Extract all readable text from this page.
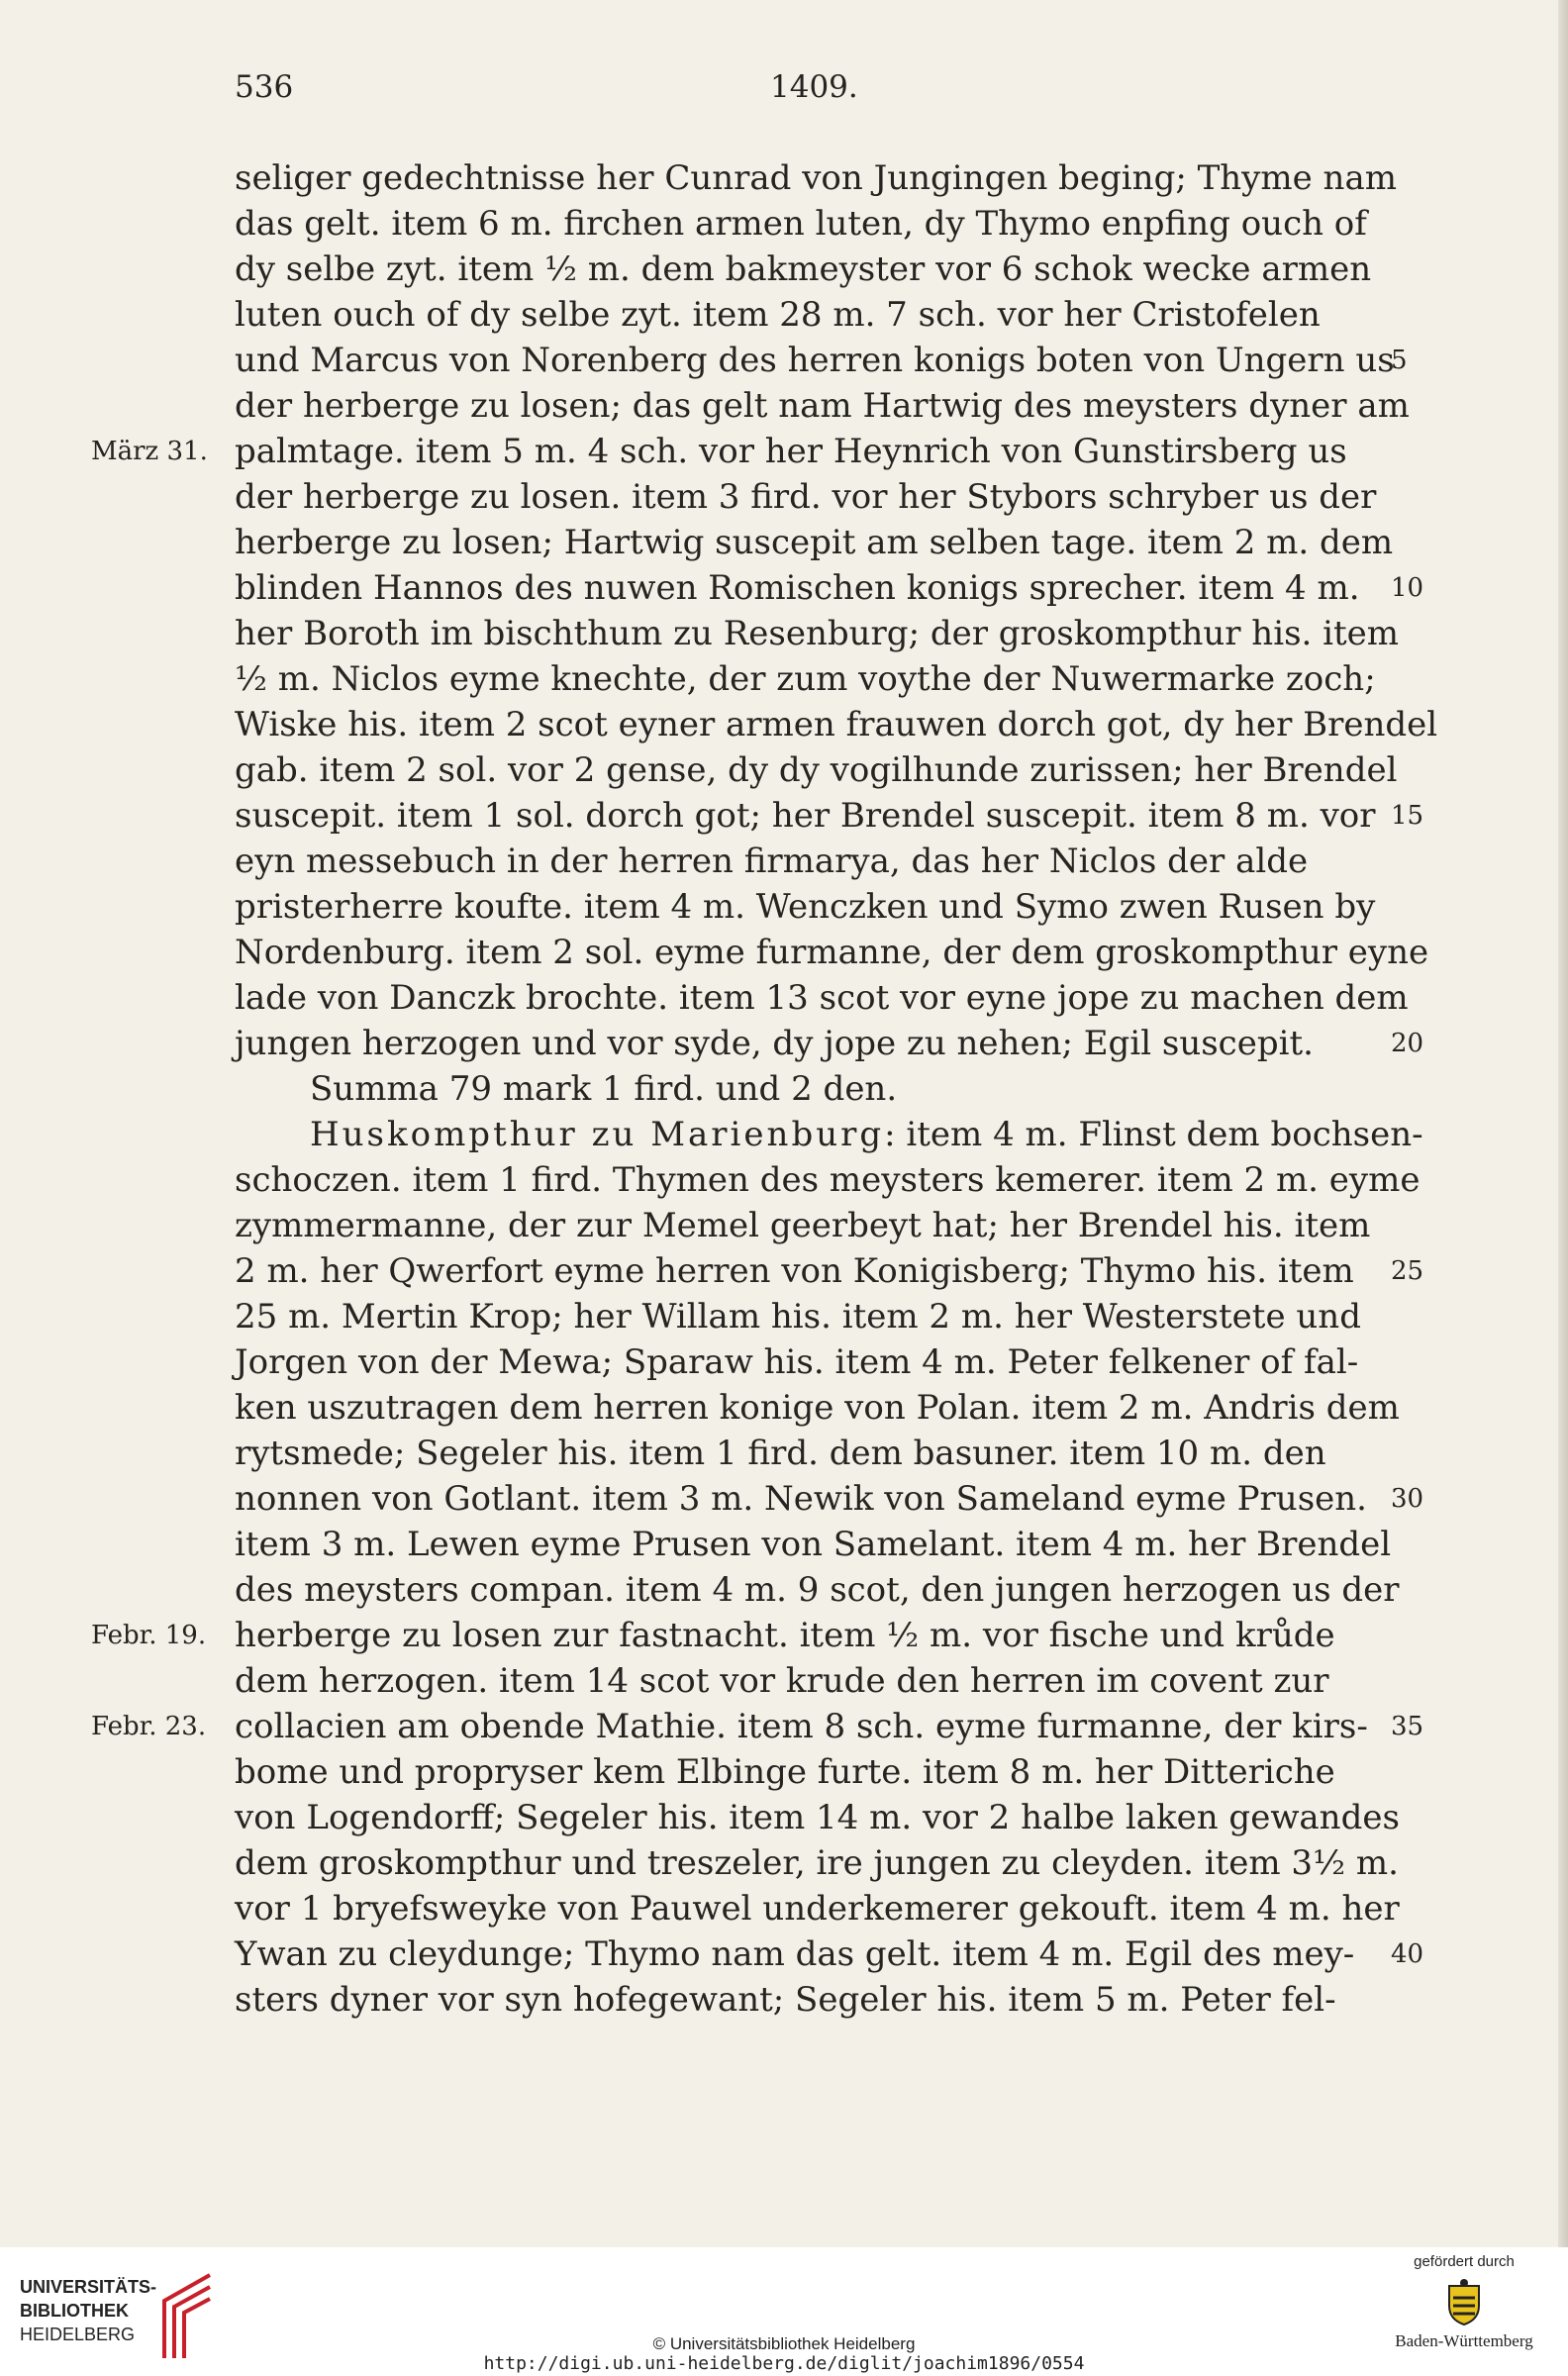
536	1409.
seliger gedechtnisse her Cunrad von Jungingen beging; Thyme nam
das gelt. item 6 m. firchen armen luten, dy Thymo enpfing ouch of
dy selbe zyt. item ½ m. dem bakmeyster vor 6 schok wecke armen
luten ouch of dy selbe zyt. item 28 m. 7 sch. vor her Cristofelen
und Marcus von Norenberg des herren konigs boten von Ungern us
der herberge zu losen; das gelt nam Hartwig des meysters dyner am
palmtage. item 5 m. 4 sch. vor her Heynrich von Gunstirsberg us
der herberge zu losen. item 3 fird. vor her Stybors schryber us der
herberge zu losen; Hartwig suscepit am selben tage. item 2 m. dem
blinden Hannos des nuwen Romischen konigs sprecher. item 4 m.
her Boroth im bischthum zu Resenburg; der groskompthur his. item
½ m. Niclos eyme knechte, der zum voythe der Nuwermarke zoch;
Wiske his. item 2 scot eyner armen frauwen dorch got, dy her Brendel
gab. item 2 sol. vor 2 gense, dy dy vogilhunde zurissen; her Brendel
suscepit. item 1 sol. dorch got; her Brendel suscepit. item 8 m. vor
eyn messebuch in der herren firmarya, das her Niclos der alde
pristerherre koufte. item 4 m. Wenczken und Symo zwen Rusen by
Nordenburg. item 2 sol. eyme furmanne, der dem groskompthur eyne
lade von Danczk brochte. item 13 scot vor eyne jope zu machen dem
jungen herzogen und vor syde, dy jope zu nehen; Egil suscepit.
Summa 79 mark 1 fird. und 2 den.
Huskompthur zu Marienburg: item 4 m. Flinst dem bochsen-
schoczen. item 1 fird. Thymen des meysters kemerer. item 2 m. eyme
zymmermanne, der zur Memel geerbeyt hat; her Brendel his. item
2 m. her Qwerfort eyme herren von Konigisberg; Thymo his. item
25 m. Mertin Krop; her Willam his. item 2 m. her Westerstete und
Jorgen von der Mewa; Sparaw his. item 4 m. Peter felkener of fal-
ken uszutragen dem herren konige von Polan. item 2 m. Andris dem
rytsmede; Segeler his. item 1 fird. dem basuner. item 10 m. den
nonnen von Gotlant. item 3 m. Newik von Sameland eyme Prusen.
item 3 m. Lewen eyme Prusen von Samelant. item 4 m. her Brendel
des meysters compan. item 4 m. 9 scot, den jungen herzogen us der
herberge zu losen zur fastnacht. item ½ m. vor fische und krůde
dem herzogen. item 14 scot vor krude den herren im covent zur
collacien am obende Mathie. item 8 sch. eyme furmanne, der kirs-
bome und propryser kem Elbinge furte. item 8 m. her Ditteriche
von Logendorff; Segeler his. item 14 m. vor 2 halbe laken gewandes
dem groskompthur und treszeler, ire jungen zu cleyden. item 3½ m.
vor 1 bryefsweyke von Pauwel underkemerer gekouft. item 4 m. her
Ywan zu cleydunge; Thymo nam das gelt. item 4 m. Egil des mey-
sters dyner vor syn hofegewant; Segeler his. item 5 m. Peter fel-
März 31.
Febr. 19.
Febr. 23.
5
10
15
20
25
30
35
40
UNIVERSITÄTS-
BIBLIOTHEK
HEIDELBERG	© Universitätsbibliothek Heidelberg
http://digi.ub.uni-heidelberg.de/diglit/joachim1896/0554
gefördert durch
Baden-Württemberg
